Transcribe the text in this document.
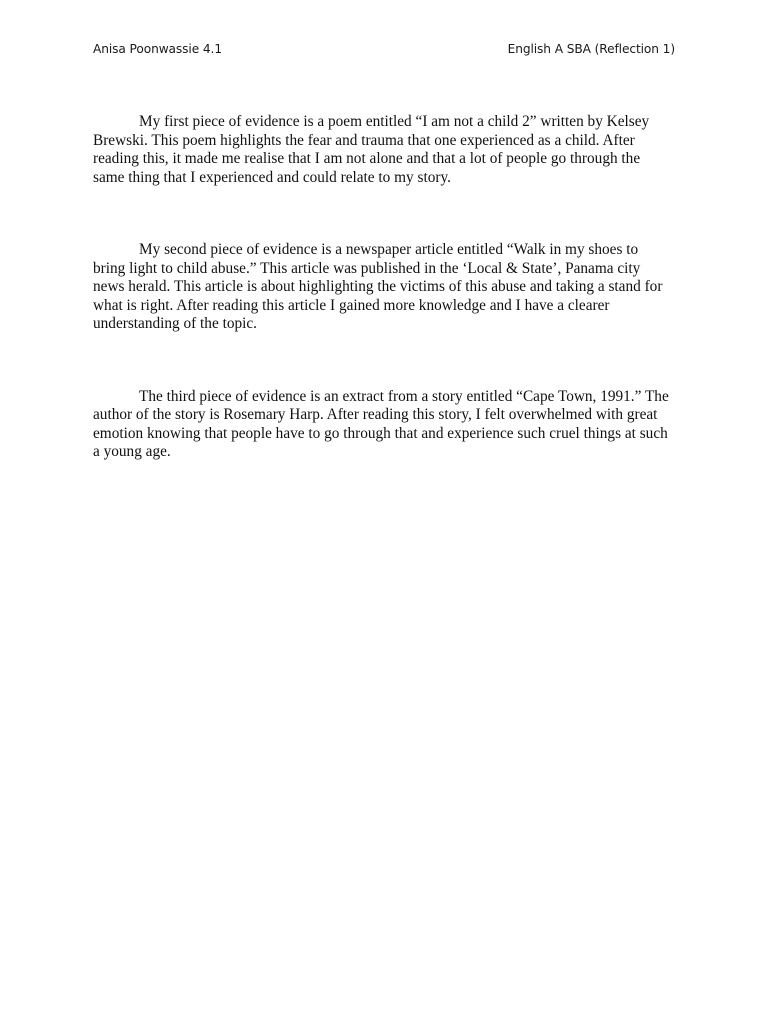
Anisa Poonwassie 4.1	English A SBA (Reflection 1)

My first piece of evidence is a poem entitled “I am not a child 2” written by Kelsey Brewski. This poem highlights the fear and trauma that one experienced as a child. After reading this, it made me realise that I am not alone and that a lot of people go through the same thing that I experienced and could relate to my story.

My second piece of evidence is a newspaper article entitled “Walk in my shoes to bring light to child abuse.” This article was published in the ‘Local & State’, Panama city news herald. This article is about highlighting the victims of this abuse and taking a stand for what is right. After reading this article I gained more knowledge and I have a clearer understanding of the topic.

The third piece of evidence is an extract from a story entitled “Cape Town, 1991.” The author of the story is Rosemary Harp. After reading this story, I felt overwhelmed with great emotion knowing that people have to go through that and experience such cruel things at such a young age.
